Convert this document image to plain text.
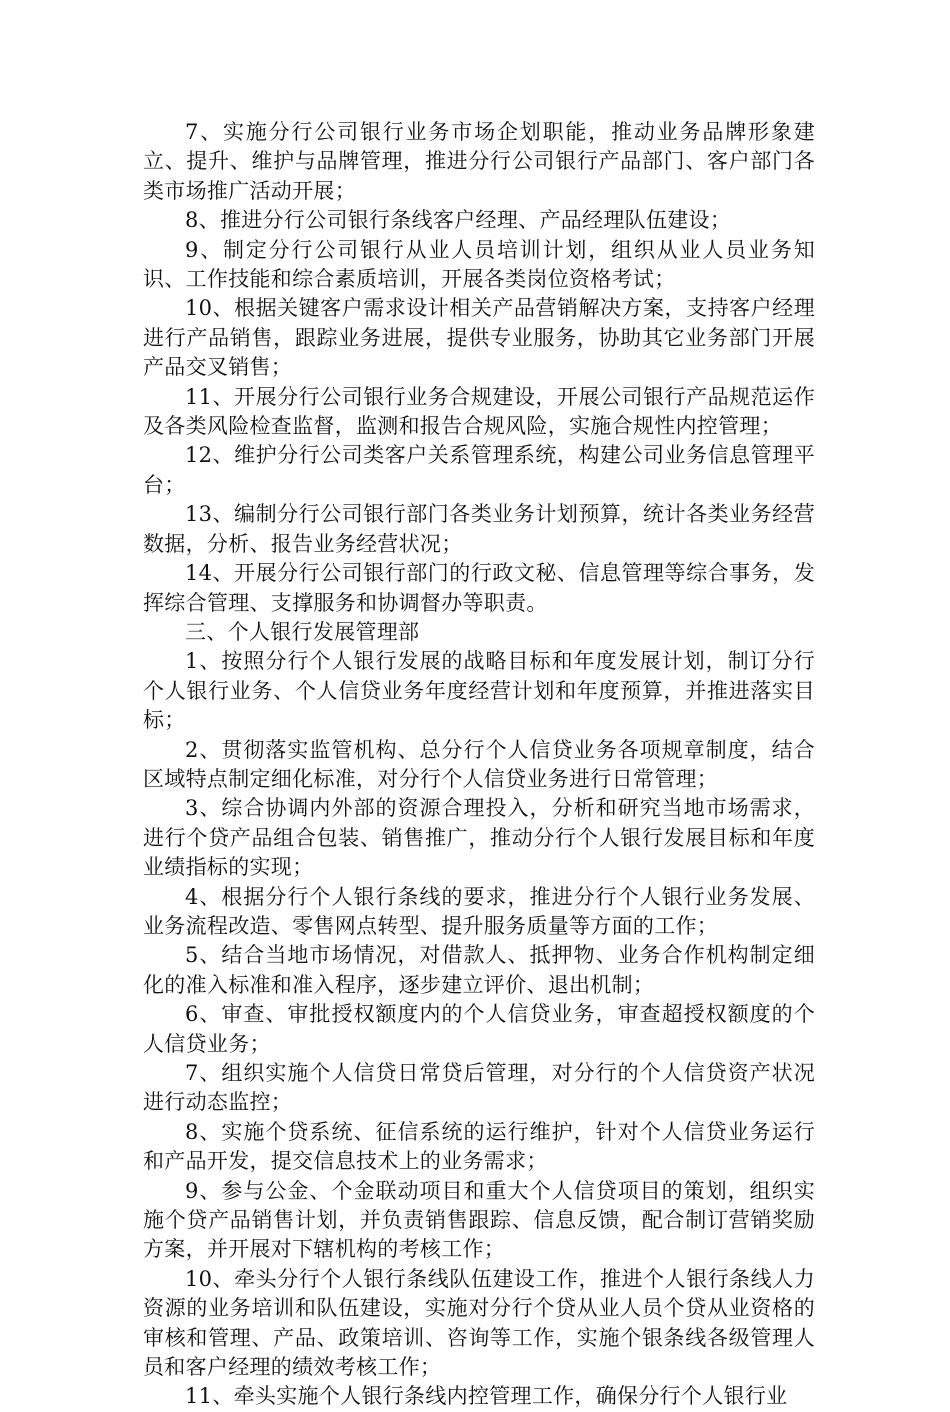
7、实施分行公司银行业务市场企划职能，推动业务品牌形象建立、提升、维护与品牌管理，推进分行公司银行产品部门、客户部门各类市场推广活动开展；

8、推进分行公司银行条线客户经理、产品经理队伍建设；

9、制定分行公司银行从业人员培训计划，组织从业人员业务知识、工作技能和综合素质培训，开展各类岗位资格考试；

10、根据关键客户需求设计相关产品营销解决方案，支持客户经理进行产品销售，跟踪业务进展，提供专业服务，协助其它业务部门开展产品交叉销售；

11、开展分行公司银行业务合规建设，开展公司银行产品规范运作及各类风险检查监督，监测和报告合规风险，实施合规性内控管理；

12、维护分行公司类客户关系管理系统，构建公司业务信息管理平台；

13、编制分行公司银行部门各类业务计划预算，统计各类业务经营数据，分析、报告业务经营状况；

14、开展分行公司银行部门的行政文秘、信息管理等综合事务，发挥综合管理、支撑服务和协调督办等职责。

三、个人银行发展管理部

1、按照分行个人银行发展的战略目标和年度发展计划，制订分行个人银行业务、个人信贷业务年度经营计划和年度预算，并推进落实目标；

2、贯彻落实监管机构、总分行个人信贷业务各项规章制度，结合区域特点制定细化标准，对分行个人信贷业务进行日常管理；

3、综合协调内外部的资源合理投入，分析和研究当地市场需求，进行个贷产品组合包装、销售推广，推动分行个人银行发展目标和年度业绩指标的实现；

4、根据分行个人银行条线的要求，推进分行个人银行业务发展、业务流程改造、零售网点转型、提升服务质量等方面的工作；

5、结合当地市场情况，对借款人、抵押物、业务合作机构制定细化的准入标准和准入程序，逐步建立评价、退出机制；

6、审查、审批授权额度内的个人信贷业务，审查超授权额度的个人信贷业务；

7、组织实施个人信贷日常贷后管理，对分行的个人信贷资产状况进行动态监控；

8、实施个贷系统、征信系统的运行维护，针对个人信贷业务运行和产品开发，提交信息技术上的业务需求；

9、参与公金、个金联动项目和重大个人信贷项目的策划，组织实施个贷产品销售计划，并负责销售跟踪、信息反馈，配合制订营销奖励方案，并开展对下辖机构的考核工作；

10、牵头分行个人银行条线队伍建设工作，推进个人银行条线人力资源的业务培训和队伍建设，实施对分行个贷从业人员个贷从业资格的审核和管理、产品、政策培训、咨询等工作，实施个银条线各级管理人员和客户经理的绩效考核工作；

11、牵头实施个人银行条线内控管理工作，确保分行个人银行业
